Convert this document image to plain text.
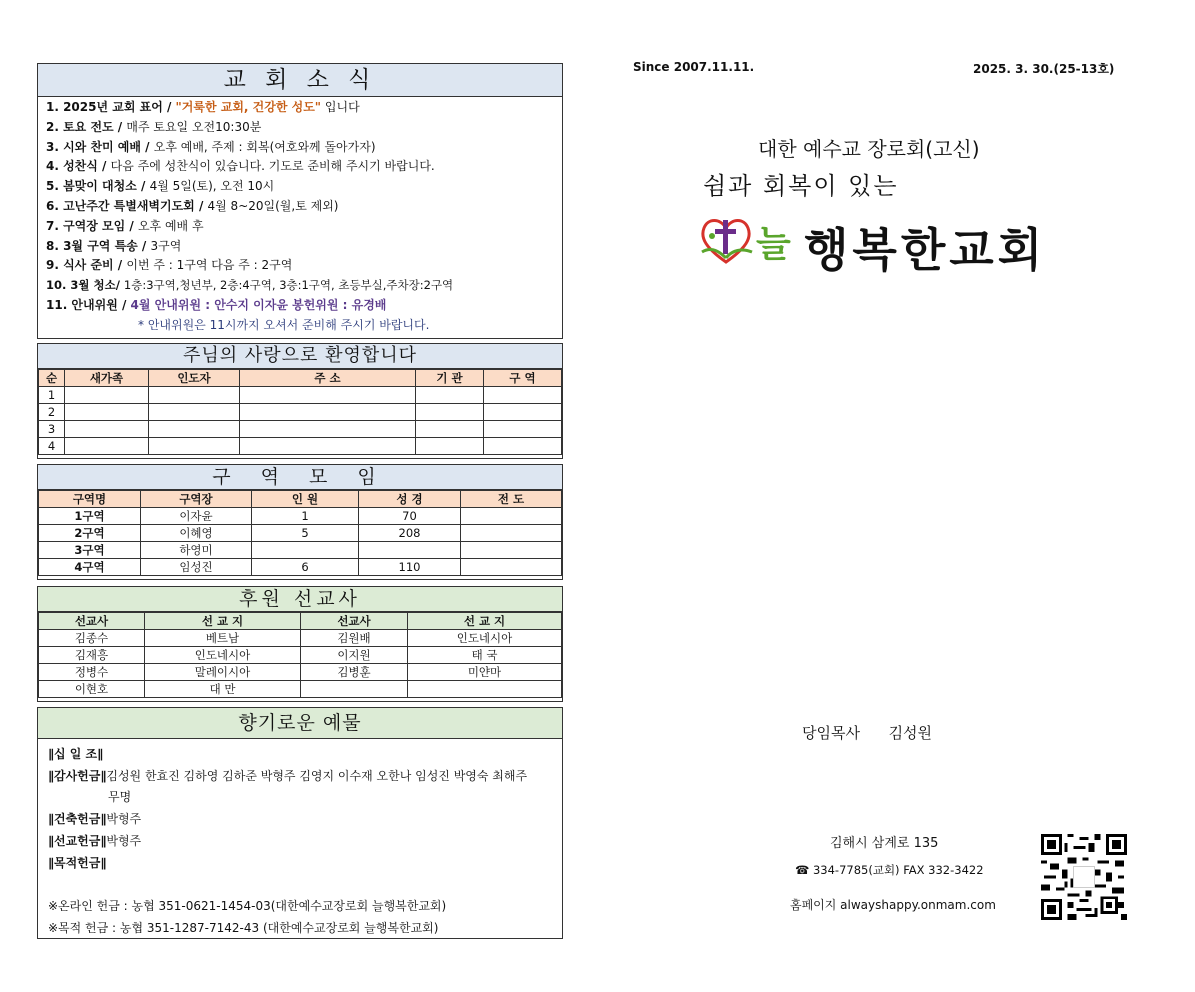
교 회 소 식
1. 2025년 교회 표어 / "거룩한 교회, 건강한 성도" 입니다
2. 토요 전도 / 매주 토요일 오전10:30분
3. 시와 찬미 예배 / 오후 예배, 주제 : 회복(여호와께 돌아가자)
4. 성찬식 / 다음 주에 성찬식이 있습니다. 기도로 준비해 주시기 바랍니다.
5. 봄맞이 대청소 / 4월 5일(토), 오전 10시
6. 고난주간 특별새벽기도회 / 4월 8~20일(월,토 제외)
7. 구역장 모임 / 오후 예배 후
8. 3월 구역 특송 / 3구역
9. 식사 준비 / 이번 주 : 1구역 다음 주 : 2구역
10. 3월 청소/ 1층:3구역,청년부, 2층:4구역, 3층:1구역, 초등부실,주차장:2구역
11. 안내위원 / 4월 안내위원 : 안수지 이자윤 봉헌위원 : 유경배
* 안내위원은 11시까지 오셔서 준비해 주시기 바랍니다.
주님의 사랑으로 환영합니다
순	새가족	인도자	주 소	기 관	구 역
1					
2					
3					
4					
구 역 모 임
구역명	구역장	인 원	성 경	전 도
1구역	이자윤	1	70	
2구역	이혜영	5	208	
3구역	하영미			
4구역	임성진	6	110	
후원 선교사
선교사	선 교 지	선교사	선 교 지
김종수	베트남	김원배	인도네시아
김재흥	인도네시아	이지원	태 국
정병수	말레이시아	김병훈	미얀마
이현호	대 만		
향기로운 예물
∥십 일 조∥
∥감사헌금∥김성원 한효진 김하영 김하준 박형주 김영지 이수재 오한나 임성진 박영숙 최해주
무명
∥건축헌금∥박형주
∥선교헌금∥박형주
∥목적헌금∥
※온라인 헌금 : 농협 351-0621-1454-03(대한예수교장로회 늘행복한교회)
※목적 헌금 : 농협 351-1287-7142-43 (대한예수교장로회 늘행복한교회)
Since 2007.11.11.	2025. 3. 30.(25-13호)
대한 예수교 장로회(고신)
쉼과 회복이 있는
늘 행복한교회
당임목사      김성원
김해시 삼계로 135
☎ 334-7785(교회) FAX 332-3422
홈페이지 alwayshappy.onmam.com
